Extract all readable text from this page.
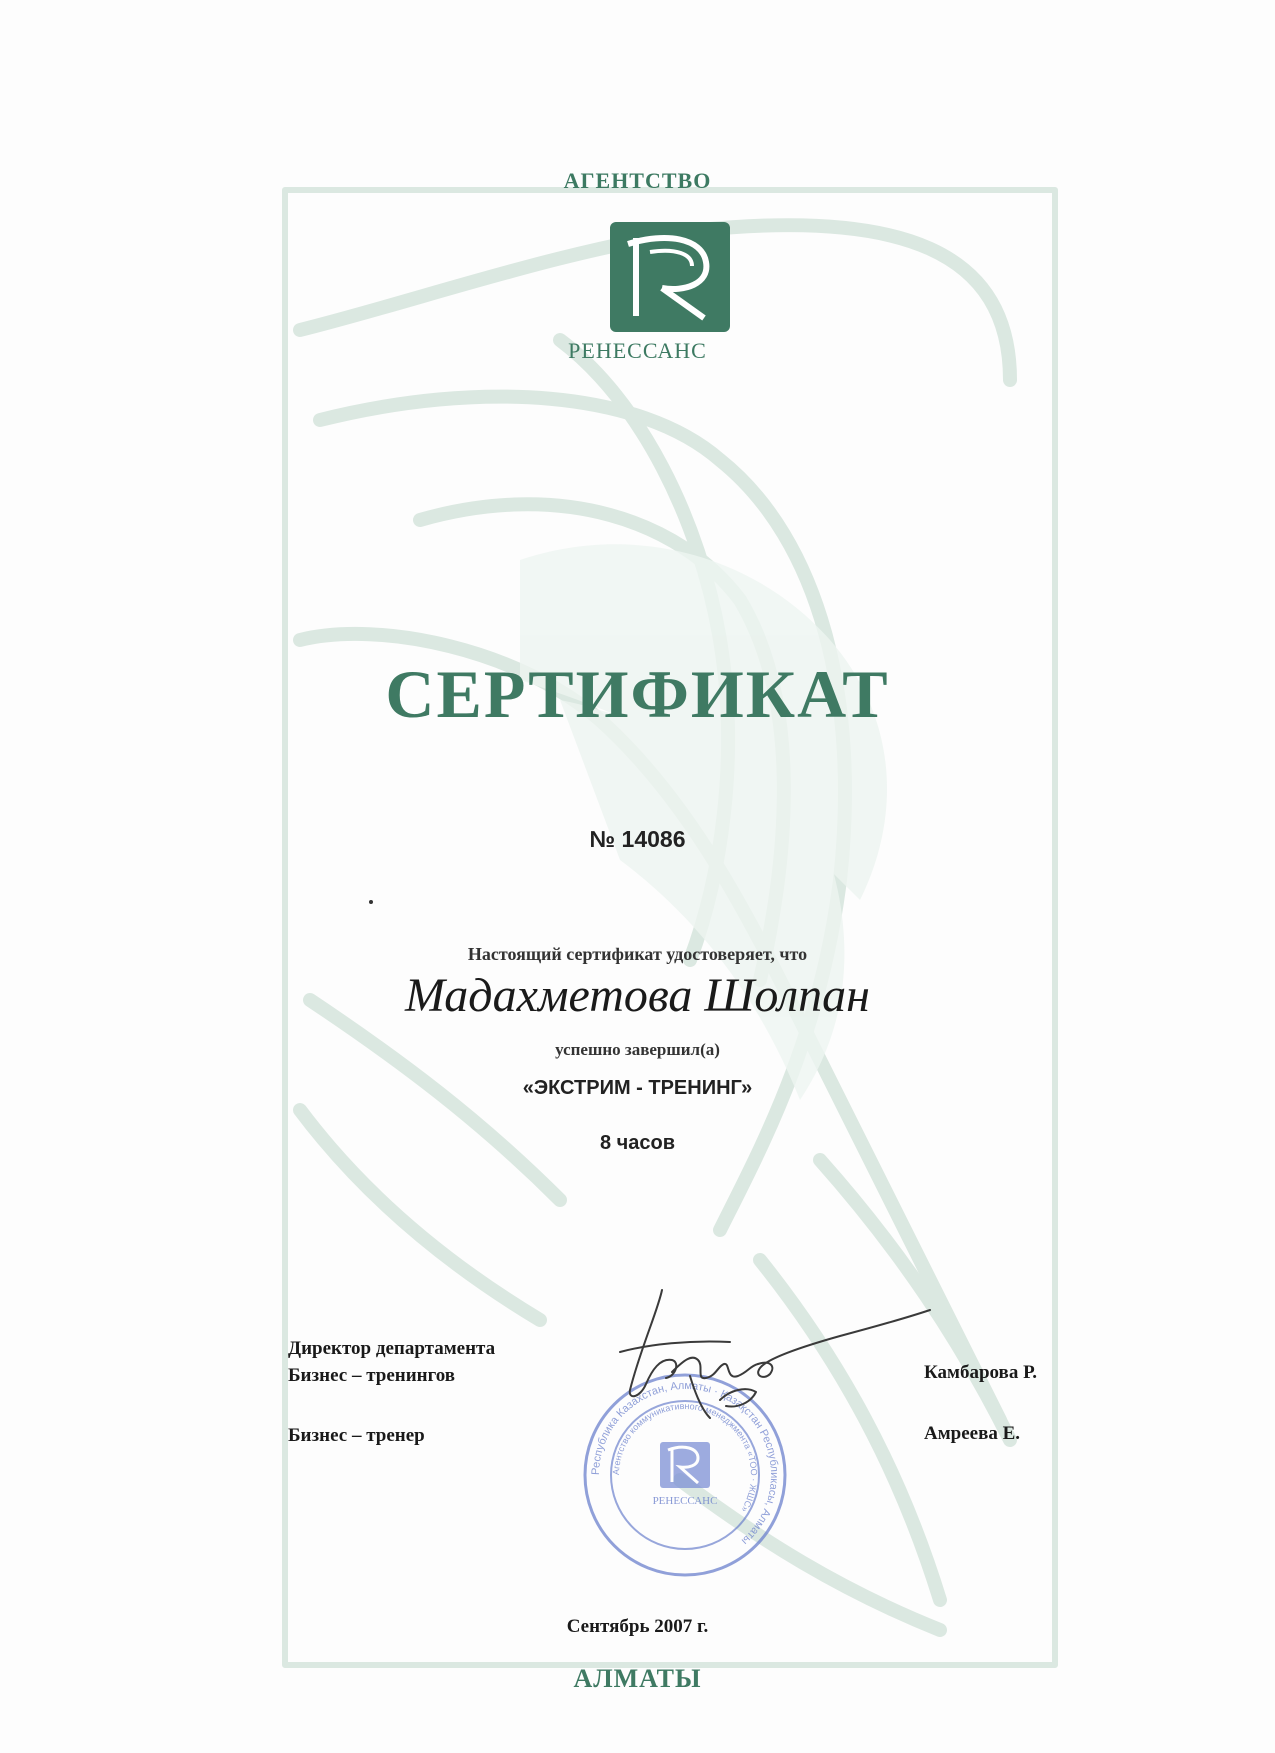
АГЕНТСТВО
РЕНЕССАНС
СЕРТИФИКАТ
№ 14086
Настоящий сертификат удостоверяет, что
Мадахметова Шолпан
успешно завершил(а)
«ЭКСТРИМ - ТРЕНИНГ»
8 часов
Директор департамента
Бизнес – тренингов	Камбарова Р.
Бизнес – тренер	Амреева Е.
Республика Казахстан, Алматы · Қазақстан Республикасы, Алматы
Агентство коммуникативного менеджмента «ТОО · ЖШС»
РЕНЕССАНС
Сентябрь 2007 г.
АЛМАТЫ
